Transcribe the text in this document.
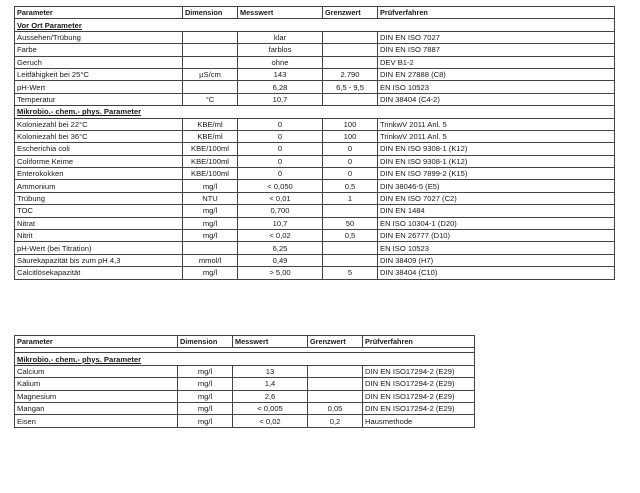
Parameter	Dimension	Messwert	Grenzwert	Prüfverfahren
Vor Ort Parameter				
Aussehen/Trübung		klar		DIN EN ISO 7027
Farbe		farblos		DIN EN ISO 7887
Geruch		ohne		DEV B1-2
Leitfähigkeit bei 25°C	µS/cm	143	2.790	DIN EN 27888 (C8)
pH-Wert		6,28	6,5 - 9,5	EN ISO 10523
Temperatur	°C	10,7		DIN 38404 (C4-2)
Mikrobio.- chem.- phys. Parameter				
Koloniezahl bei 22°C	KBE/ml	0	100	TrinkwV 2011 Anl. 5
Koloniezahl bei 36°C	KBE/ml	0	100	TrinkwV 2011 Anl. 5
Escherichia coli	KBE/100ml	0	0	DIN EN ISO 9308-1 (K12)
Coliforme Keime	KBE/100ml	0	0	DIN EN ISO 9308-1 (K12)
Enterokokken	KBE/100ml	0	0	DIN EN ISO 7899-2 (K15)
Ammonium	mg/l	< 0,050	0,5	DIN 38046-5 (E5)
Trübung	NTU	< 0,01	1	DIN EN ISO 7027 (C2)
TOC	mg/l	0,700		DIN EN 1484
Nitrat	mg/l	10,7	50	EN ISO 10304-1 (D20)
Nitrit	mg/l	< 0,02	0,5	DIN EN 26777 (D10)
pH-Wert (bei Titration)		6,25		EN ISO 10523
Säurekapazität bis zum pH 4,3	mmol/l	0,49		DIN 38409 (H7)
Calcitlösekapazität	mg/l	> 5,00	5	DIN 38404 (C10)
Parameter	Dimension	Messwert	Grenzwert	Prüfverfahren

Mikrobio.- chem.- phys. Parameter				
Calcium	mg/l	13		DIN EN ISO17294-2 (E29)
Kalium	mg/l	1,4		DIN EN ISO17294-2 (E29)
Magnesium	mg/l	2,6		DIN EN ISO17294-2 (E29)
Mangan	mg/l	< 0,005	0,05	DIN EN ISO17294-2 (E29)
Eisen	mg/l	< 0,02	0,2	Hausmethode
